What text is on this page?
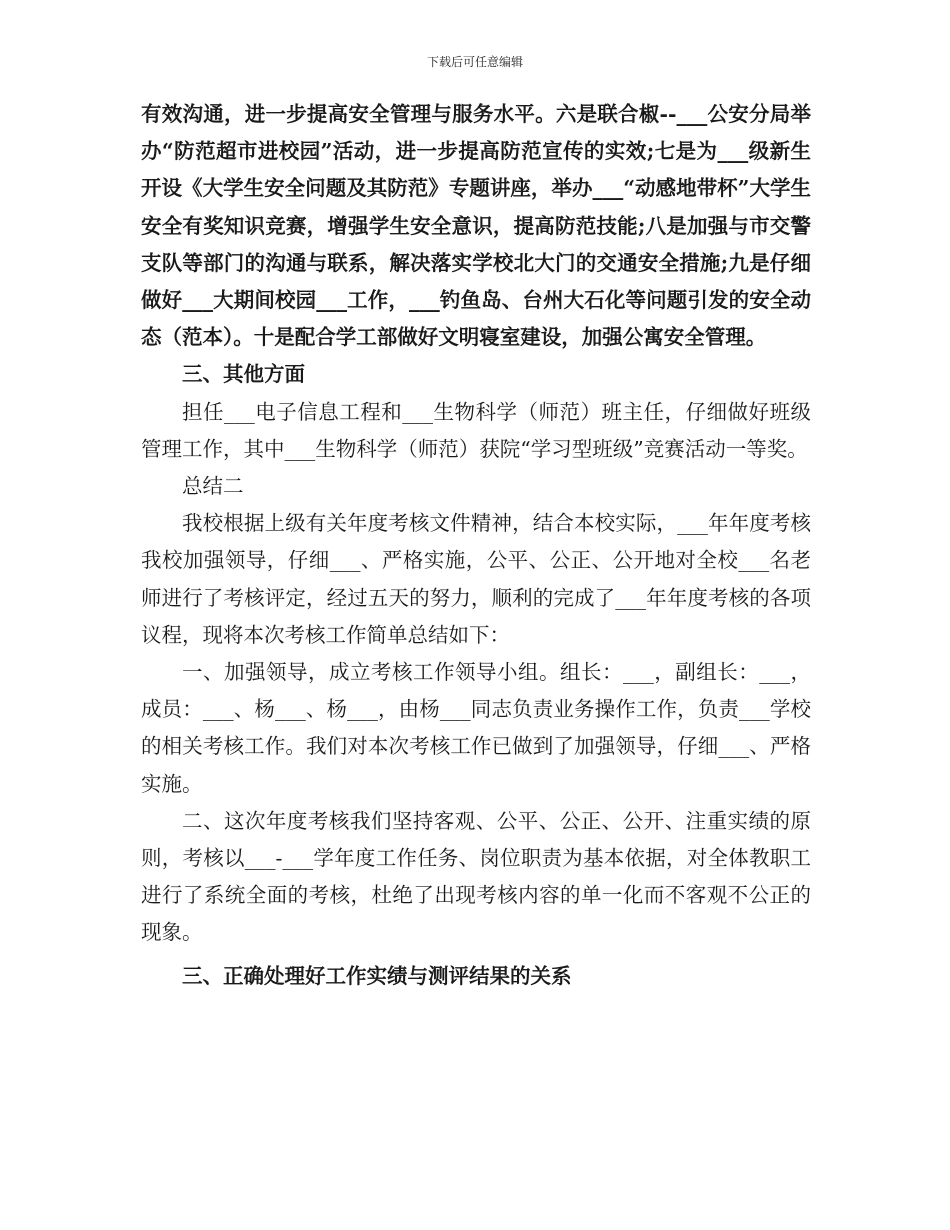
下载后可任意编辑

有效沟通，进一步提高安全管理与服务水平。六是联合椒--___公安分局举办“防范超市进校园”活动，进一步提高防范宣传的实效;七是为___级新生开设《大学生安全问题及其防范》专题讲座，举办___“动感地带杯”大学生安全有奖知识竞赛，增强学生安全意识，提高防范技能;八是加强与市交警支队等部门的沟通与联系，解决落实学校北大门的交通安全措施;九是仔细做好___大期间校园___工作，___钓鱼岛、台州大石化等问题引发的安全动态（范本）。十是配合学工部做好文明寝室建设，加强公寓安全管理。

三、其他方面

担任___电子信息工程和___生物科学（师范）班主任，仔细做好班级管理工作，其中___生物科学（师范）获院“学习型班级”竞赛活动一等奖。

总结二

我校根据上级有关年度考核文件精神，结合本校实际，___年年度考核我校加强领导，仔细___、严格实施，公平、公正、公开地对全校___名老师进行了考核评定，经过五天的努力，顺利的完成了___年年度考核的各项议程，现将本次考核工作简单总结如下：

一、加强领导，成立考核工作领导小组。组长：___，副组长：___，成员：___、杨___、杨___，由杨___同志负责业务操作工作，负责___学校的相关考核工作。我们对本次考核工作已做到了加强领导，仔细___、严格实施。

二、这次年度考核我们坚持客观、公平、公正、公开、注重实绩的原则，考核以___-___学年度工作任务、岗位职责为基本依据，对全体教职工进行了系统全面的考核，杜绝了出现考核内容的单一化而不客观不公正的现象。

三、正确处理好工作实绩与测评结果的关系
